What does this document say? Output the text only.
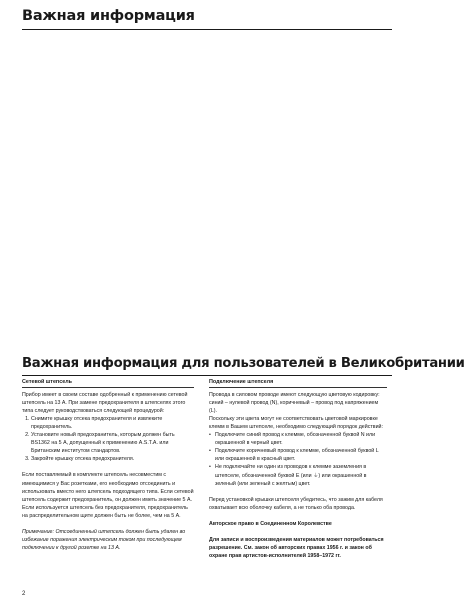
Важная информация
Важная информация для пользователей в Великобритании
Сетевой штепсель

Прибор имеет в своем составе одобренный к применению сетевой штепсель на 13 А. При замене предохранителя в штепселях этого типа следует руководствоваться следующей процедурой:

1. Снимите крышку отсека предохранителя и извлеките предохранитель.
2. Установите новый предохранитель, которым должен быть BS1362 на 5 А, допущенный к применению A.S.T.A. или Британским институтом стандартов.
3. Закройте крышку отсека предохранителя.

Если поставляемый в комплекте штепсель несовместим с имеющимися у Вас розетками, его необходимо отсоединить и использовать вместо него штепсель подходящего типа. Если сетевой штепсель содержит предохранитель, он должен иметь значение 5 А. Если используется штепсель без предохранителя, предохранитель на распределительном щите должен быть не более, чем на 5 А.

Примечание: Отсоединенный штепсель должен быть удален во избежание поражения электрическим током при последующем подключении к другой розетке на 13 А.

Подключение штепселя

Провода в силовом проводе имеют следующую цветовую кодировку: синий – нулевой провод (N), коричневый – провод под напряжением (L).

Поскольку эти цвета могут не соответствовать цветовой маркировке клемм в Вашем штепселе, необходимо следующий порядок действий:

• Подключите синий провод к клемме, обозначенной буквой N или окрашенной в черный цвет.
• Подключите коричневый провод к клемме, обозначенной буквой L или окрашенной в красный цвет.
• Не подключайте ни один из проводов к клемме заземления в штепселе, обозначенной буквой E (или ⏚) или окрашенной в зеленый (или зеленый с желтым) цвет.

Перед установкой крышки штепселя убедитесь, что зажим для кабеля охватывает всю оболочку кабеля, а не только оба провода.

Авторское право в Соединенном Королевстве

Для записи и воспроизведения материалов может потребоваться разрешение. См. закон об авторских правах 1956 г. и закон об охране прав артистов-исполнителей 1958–1972 гг.

2
